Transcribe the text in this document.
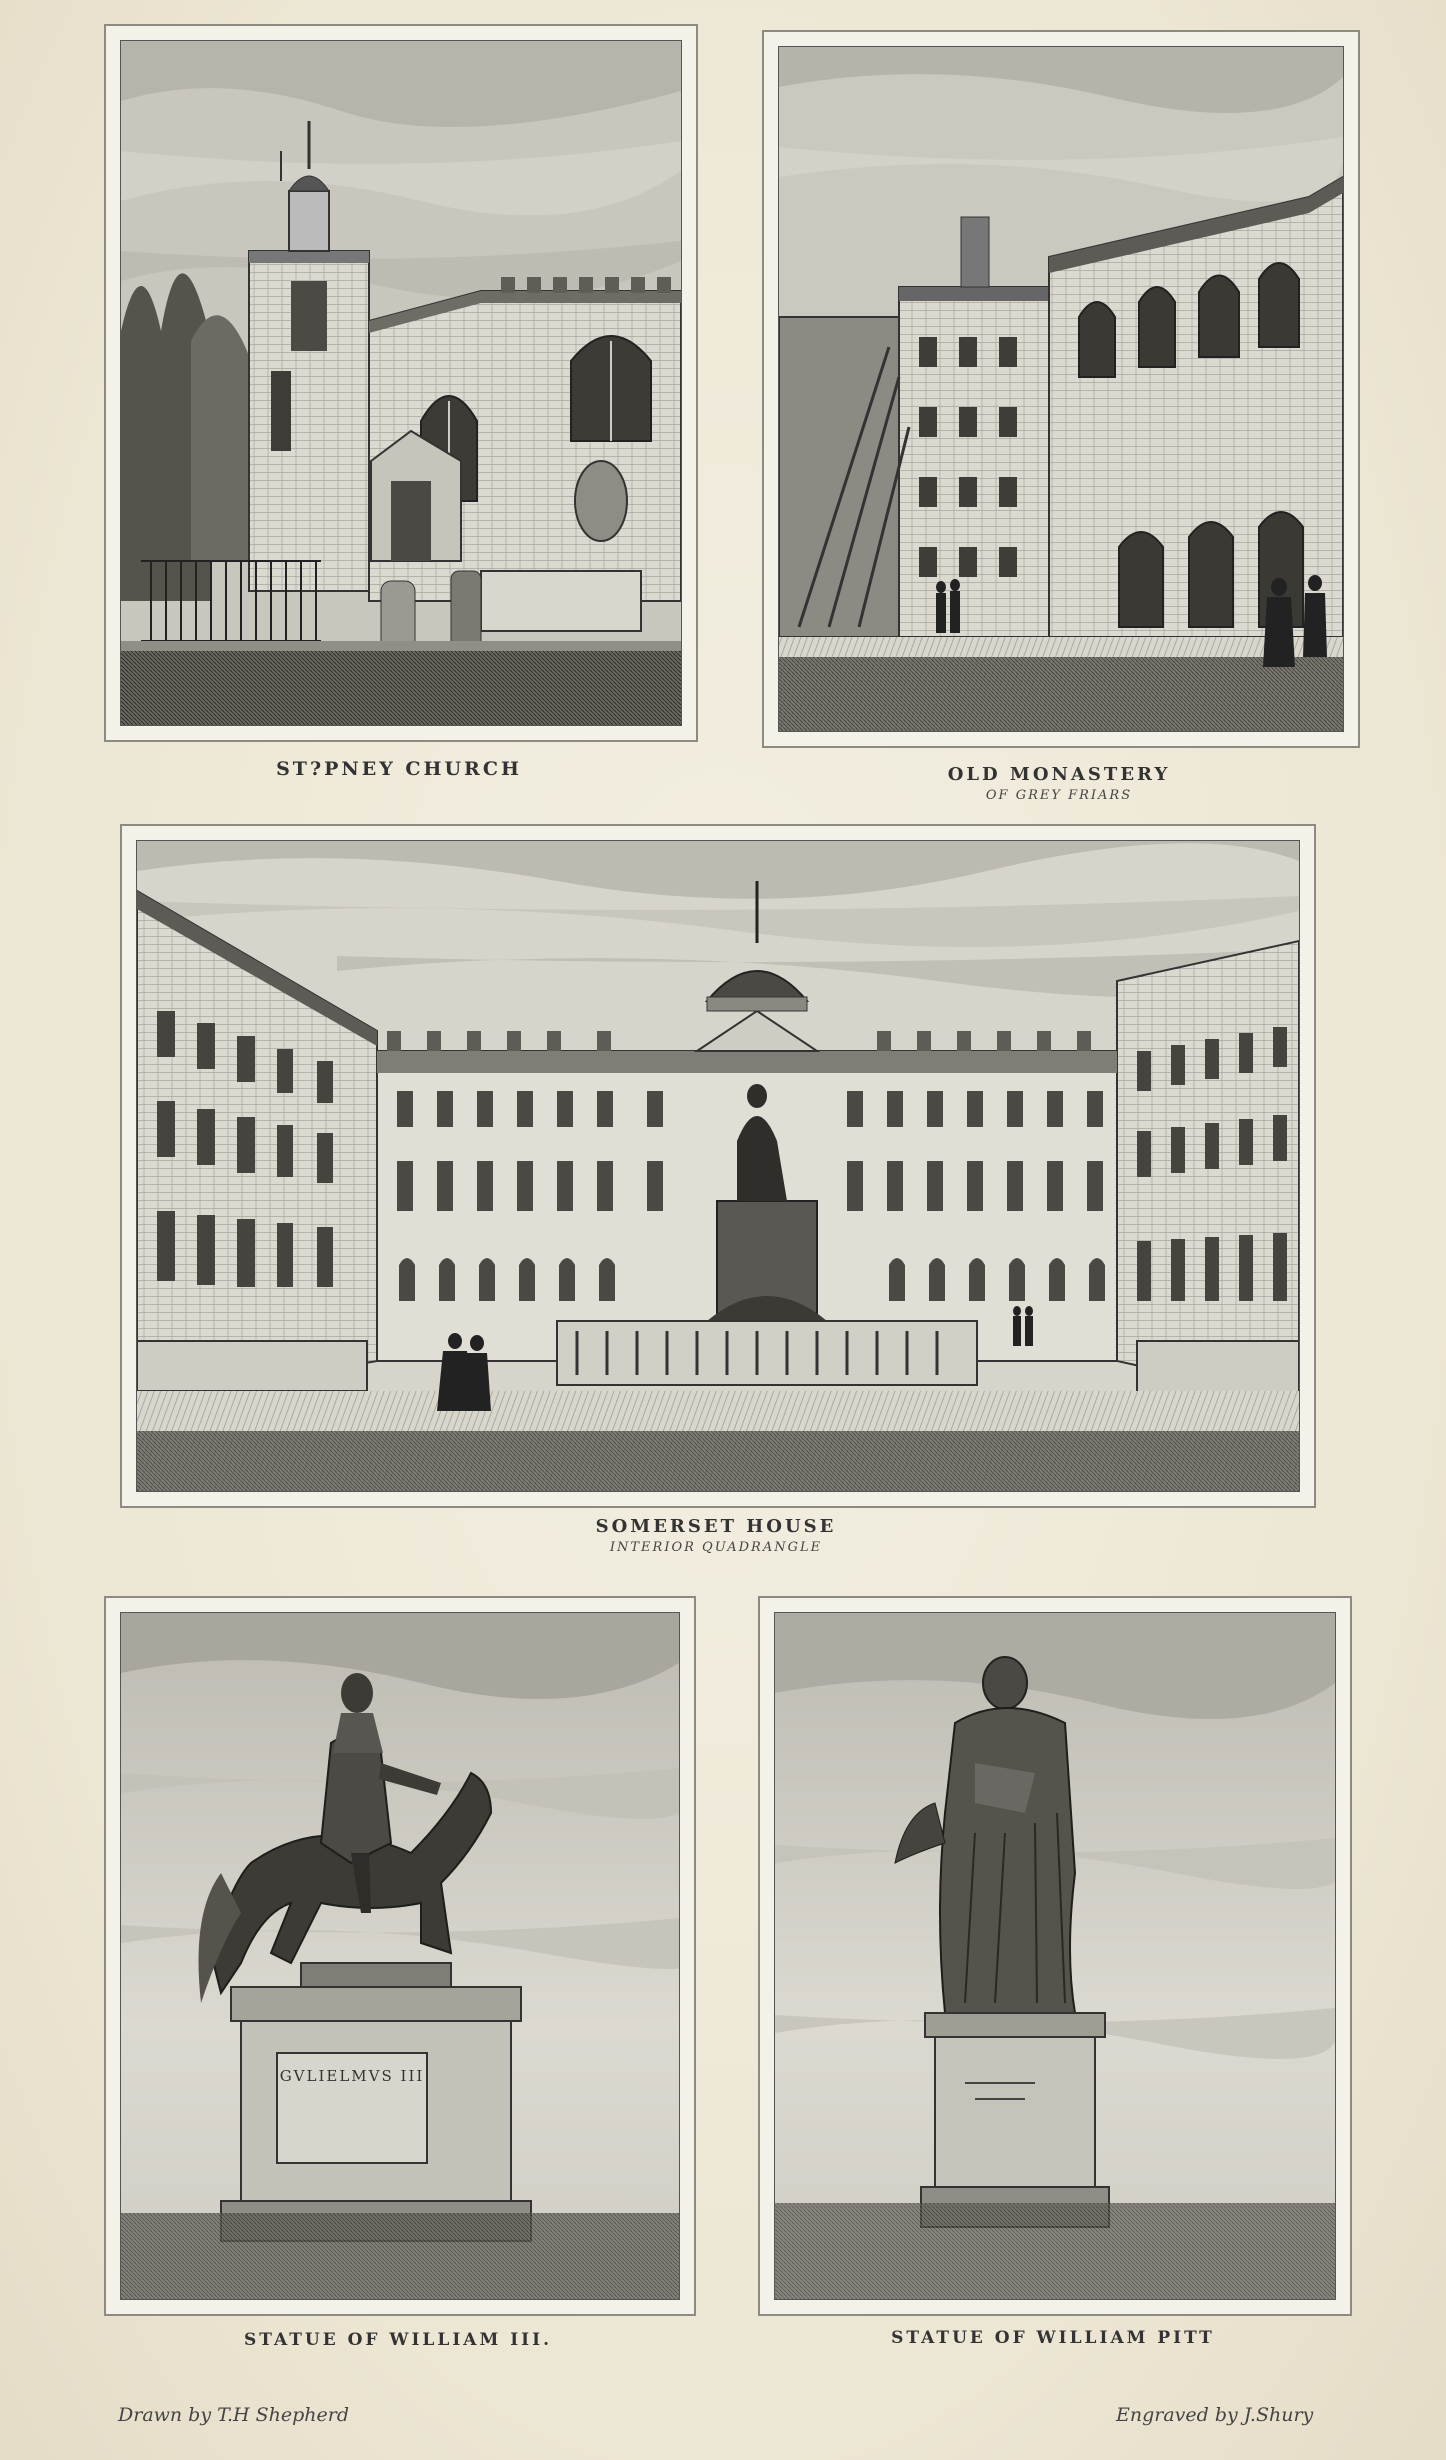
ST?PNEY CHURCH	OLD MONASTERY
OF GREY FRIARS
SOMERSET HOUSE
INTERIOR QUADRANGLE
GVLIELMVS III
STATUE OF WILLIAM III.	STATUE OF WILLIAM PITT
Drawn by T.H Shepherd	Engraved by J.Shury
